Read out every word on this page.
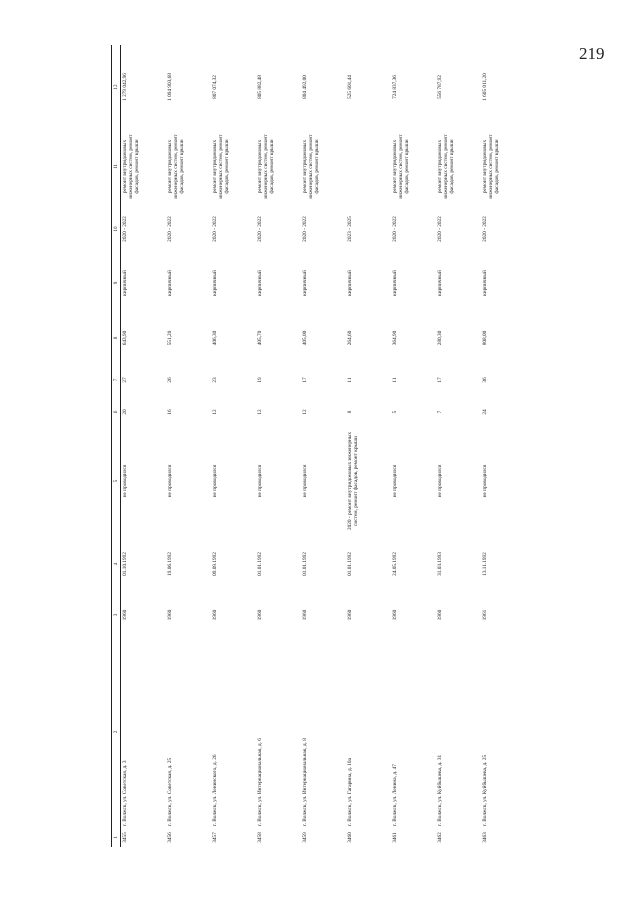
219
1	2	3	4	5	6	7	8	9	10	11	12
3455	г. Волжск, ул. Советская, д. 3	1960	01.10.1992	не проводился	20	27	643,90	кирпичный	2020 - 2022	ремонт внутридомовых инженерных систем, ремонт фасадов, ремонт крыши	1 279 042,96
3456	г. Волжск, ул. Советская, д. 25	1960	19.06.1992	не проводился	16	26	551,20	кирпичный	2020 - 2022	ремонт внутридомовых инженерных систем, ремонт фасадов, ремонт крыши	1 094 903,68
3457	г. Волжск, ул. Ленинского, д. 26	1960	09.09.1992	не проводился	12	23	406,30	кирпичный	2020 - 2022	ремонт внутридомовых инженерных систем, ремонт фасадов, ремонт крыши	807 074,32
3458	г. Волжск, ул. Интернациональная, д. 6	1960	01.01.1992	не проводился	12	19	405,70	кирпичный	2020 - 2022	ремонт внутридомовых инженерных систем, ремонт фасадов, ремонт крыши	805 882,48
3459	г. Волжск, ул. Интернациональная, д. 8	1960	01.01.1992	не проводился	12	17	405,00	кирпичный	2020 - 2022	ремонт внутридомовых инженерных систем, ремонт фасадов, ремонт крыши	804 492,00
3460	г. Волжск, ул. Гагарина, д. 10а	1960	01.01.1992	2020 - ремонт внутридомовых инженерных систем, ремонт фасадов, ремонт крыши	8	11	264,60	кирпичный	2023 - 2025		525 601,44
3461	г. Волжск, ул. Ленина, д. 47	1960	24.05.1992	не проводился	5	11	364,90	кирпичный	2020 - 2022	ремонт внутридомовых инженерных систем, ремонт фасадов, ремонт крыши	724 837,36
3462	г. Волжск, ул. Куйбышева, д. 31	1960	31.03.1993	не проводился	7	17	280,30	кирпичный	2020 - 2022	ремонт внутридомовых инженерных систем, ремонт фасадов, ремонт крыши	556 787,92
3463	г. Волжск, ул. Куйбышева, д. 25	1961	13.11.1992	не проводился	24	36	808,00	кирпичный	2020 - 2022	ремонт внутридомовых инженерных систем, ремонт фасадов, ремонт крыши	1 605 011,20
